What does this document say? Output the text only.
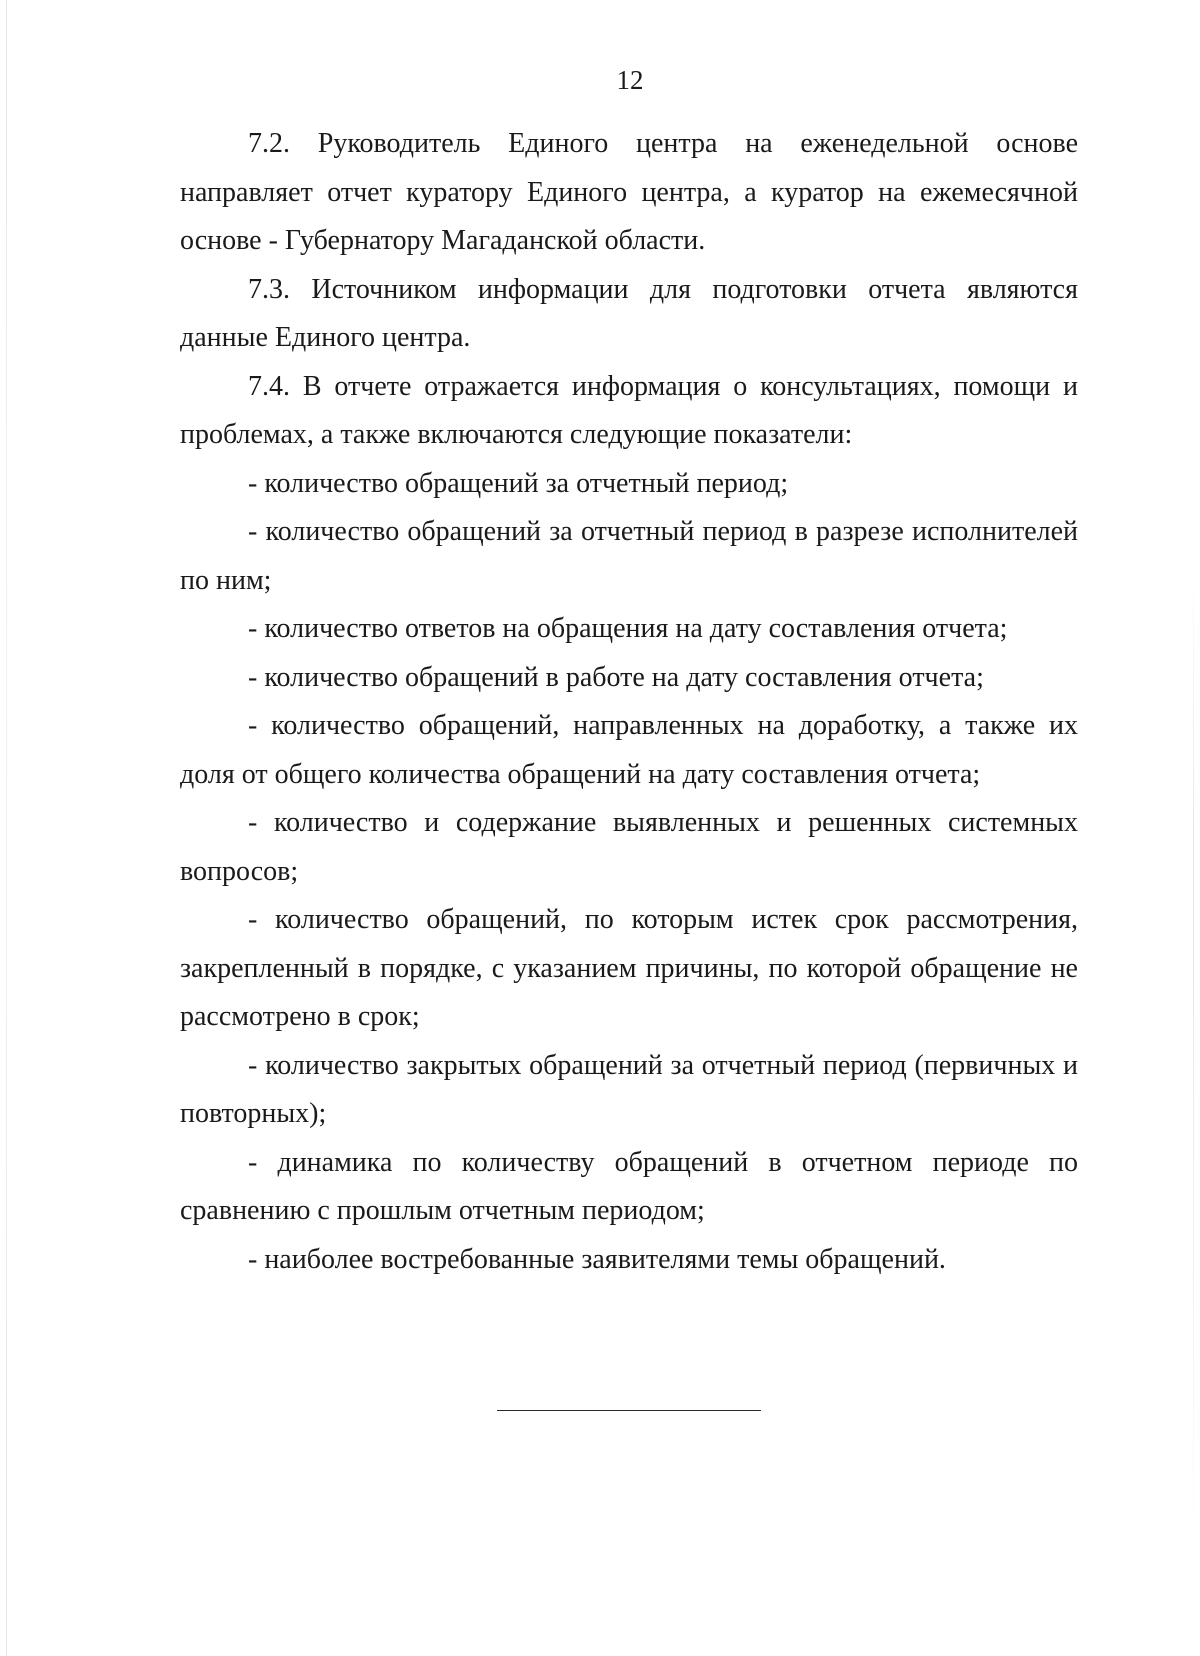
12

7.2. Руководитель Единого центра на еженедельной основе направляет отчет куратору Единого центра, а куратор на ежемесячной основе - Губернатору Магаданской области.

7.3. Источником информации для подготовки отчета являются данные Единого центра.

7.4. В отчете отражается информация о консультациях, помощи и проблемах, а также включаются следующие показатели:

- количество обращений за отчетный период;

- количество обращений за отчетный период в разрезе исполнителей по ним;

- количество ответов на обращения на дату составления отчета;

- количество обращений в работе на дату составления отчета;

- количество обращений, направленных на доработку, а также их доля от общего количества обращений на дату составления отчета;

- количество и содержание выявленных и решенных системных вопросов;

- количество обращений, по которым истек срок рассмотрения, закрепленный в порядке, с указанием причины, по которой обращение не рассмотрено в срок;

- количество закрытых обращений за отчетный период (первичных и повторных);

- динамика по количеству обращений в отчетном периоде по сравнению с прошлым отчетным периодом;

- наиболее востребованные заявителями темы обращений.
